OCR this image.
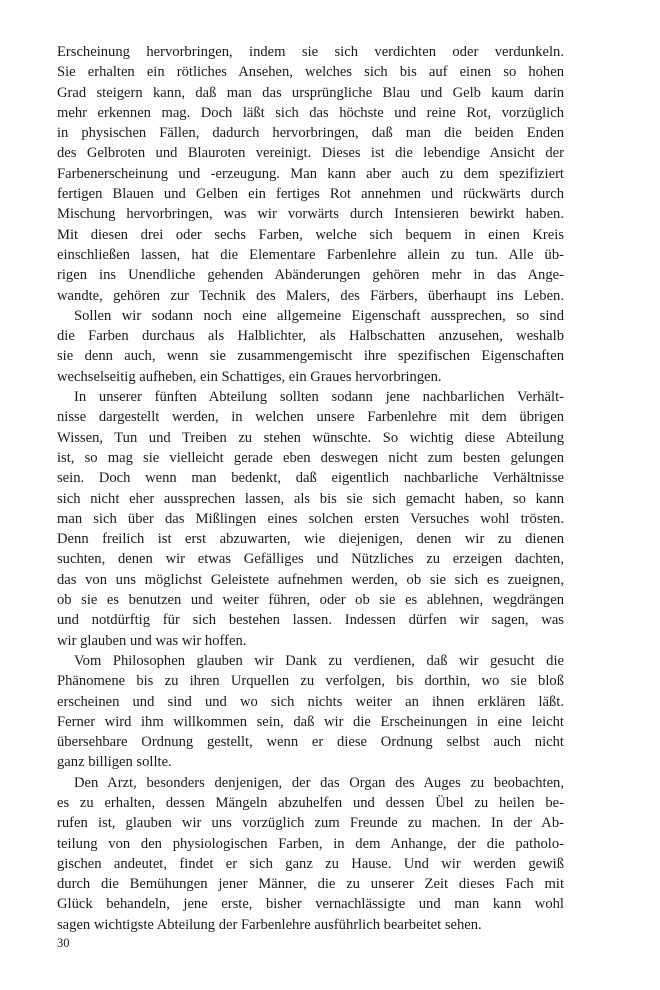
Erscheinung hervorbringen, indem sie sich verdichten oder verdunkeln.
Sie erhalten ein rötliches Ansehen, welches sich bis auf einen so hohen
Grad steigern kann, daß man das ursprüngliche Blau und Gelb kaum darin
mehr erkennen mag. Doch läßt sich das höchste und reine Rot, vorzüglich
in physischen Fällen, dadurch hervorbringen, daß man die beiden Enden
des Gelbroten und Blauroten vereinigt. Dieses ist die lebendige Ansicht der
Farbenerscheinung und -erzeugung. Man kann aber auch zu dem spezifiziert
fertigen Blauen und Gelben ein fertiges Rot annehmen und rückwärts durch
Mischung hervorbringen, was wir vorwärts durch Intensieren bewirkt haben.
Mit diesen drei oder sechs Farben, welche sich bequem in einen Kreis
einschließen lassen, hat die Elementare Farbenlehre allein zu tun. Alle üb-
rigen ins Unendliche gehenden Abänderungen gehören mehr in das Ange-
wandte, gehören zur Technik des Malers, des Färbers, überhaupt ins Leben.
Sollen wir sodann noch eine allgemeine Eigenschaft aussprechen, so sind
die Farben durchaus als Halblichter, als Halbschatten anzusehen, weshalb
sie denn auch, wenn sie zusammengemischt ihre spezifischen Eigenschaften
wechselseitig aufheben, ein Schattiges, ein Graues hervorbringen.
In unserer fünften Abteilung sollten sodann jene nachbarlichen Verhält-
nisse dargestellt werden, in welchen unsere Farbenlehre mit dem übrigen
Wissen, Tun und Treiben zu stehen wünschte. So wichtig diese Abteilung
ist, so mag sie vielleicht gerade eben deswegen nicht zum besten gelungen
sein. Doch wenn man bedenkt, daß eigentlich nachbarliche Verhältnisse
sich nicht eher aussprechen lassen, als bis sie sich gemacht haben, so kann
man sich über das Mißlingen eines solchen ersten Versuches wohl trösten.
Denn freilich ist erst abzuwarten, wie diejenigen, denen wir zu dienen
suchten, denen wir etwas Gefälliges und Nützliches zu erzeigen dachten,
das von uns möglichst Geleistete aufnehmen werden, ob sie sich es zueignen,
ob sie es benutzen und weiter führen, oder ob sie es ablehnen, wegdrängen
und notdürftig für sich bestehen lassen. Indessen dürfen wir sagen, was
wir glauben und was wir hoffen.
Vom Philosophen glauben wir Dank zu verdienen, daß wir gesucht die
Phänomene bis zu ihren Urquellen zu verfolgen, bis dorthin, wo sie bloß
erscheinen und sind und wo sich nichts weiter an ihnen erklären läßt.
Ferner wird ihm willkommen sein, daß wir die Erscheinungen in eine leicht
übersehbare Ordnung gestellt, wenn er diese Ordnung selbst auch nicht
ganz billigen sollte.
Den Arzt, besonders denjenigen, der das Organ des Auges zu beobachten,
es zu erhalten, dessen Mängeln abzuhelfen und dessen Übel zu heilen be-
rufen ist, glauben wir uns vorzüglich zum Freunde zu machen. In der Ab-
teilung von den physiologischen Farben, in dem Anhange, der die patholo-
gischen andeutet, findet er sich ganz zu Hause. Und wir werden gewiß
durch die Bemühungen jener Männer, die zu unserer Zeit dieses Fach mit
Glück behandeln, jene erste, bisher vernachlässigte und man kann wohl
sagen wichtigste Abteilung der Farbenlehre ausführlich bearbeitet sehen.
30
